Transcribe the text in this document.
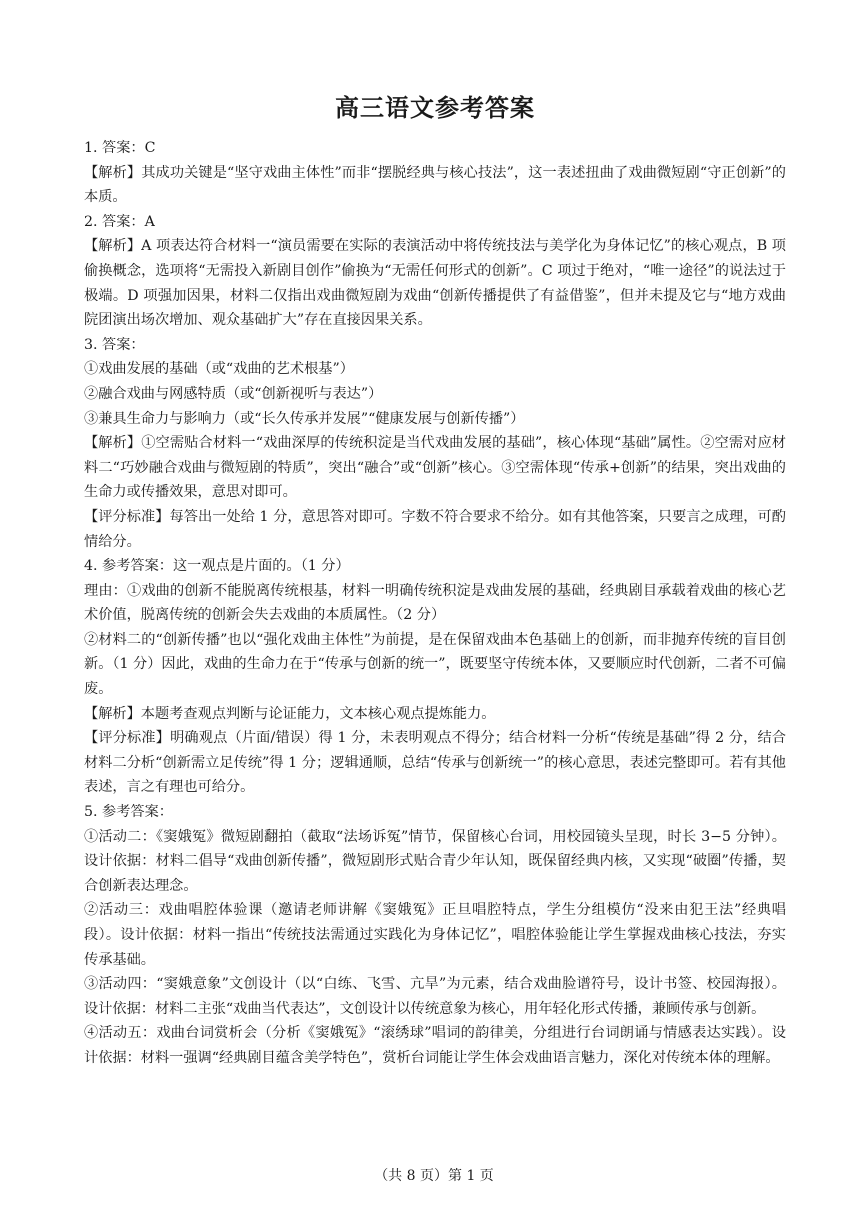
高三语文参考答案

1. 答案：C

【解析】其成功关键是“坚守戏曲主体性”而非“摆脱经典与核心技法”，这一表述扭曲了戏曲微短剧“守正创新”的本质。

2. 答案：A

【解析】A 项表达符合材料一“演员需要在实际的表演活动中将传统技法与美学化为身体记忆”的核心观点，B 项偷换概念，选项将“无需投入新剧目创作”偷换为“无需任何形式的创新”。C 项过于绝对，“唯一途径”的说法过于极端。D 项强加因果，材料二仅指出戏曲微短剧为戏曲“创新传播提供了有益借鉴”，但并未提及它与“地方戏曲院团演出场次增加、观众基础扩大”存在直接因果关系。

3. 答案：

①戏曲发展的基础（或“戏曲的艺术根基”）

②融合戏曲与网感特质（或“创新视听与表达”）

③兼具生命力与影响力（或“长久传承并发展”“健康发展与创新传播”）

【解析】①空需贴合材料一“戏曲深厚的传统积淀是当代戏曲发展的基础”，核心体现“基础”属性。②空需对应材料二“巧妙融合戏曲与微短剧的特质”，突出“融合”或“创新”核心。③空需体现“传承+创新”的结果，突出戏曲的生命力或传播效果，意思对即可。

【评分标准】每答出一处给 1 分，意思答对即可。字数不符合要求不给分。如有其他答案，只要言之成理，可酌情给分。

4. 参考答案：这一观点是片面的。（1 分）

理由：①戏曲的创新不能脱离传统根基，材料一明确传统积淀是戏曲发展的基础，经典剧目承载着戏曲的核心艺术价值，脱离传统的创新会失去戏曲的本质属性。（2 分）

②材料二的“创新传播”也以“强化戏曲主体性”为前提，是在保留戏曲本色基础上的创新，而非抛弃传统的盲目创新。（1 分）因此，戏曲的生命力在于“传承与创新的统一”，既要坚守传统本体，又要顺应时代创新，二者不可偏废。

【解析】本题考查观点判断与论证能力，文本核心观点提炼能力。

【评分标准】明确观点（片面/错误）得 1 分，未表明观点不得分；结合材料一分析“传统是基础”得 2 分，结合材料二分析“创新需立足传统”得 1 分；逻辑通顺，总结“传承与创新统一”的核心意思，表述完整即可。若有其他表述，言之有理也可给分。

5. 参考答案：

①活动二：《窦娥冤》微短剧翻拍（截取“法场诉冤”情节，保留核心台词，用校园镜头呈现，时长 3−5 分钟）。设计依据：材料二倡导“戏曲创新传播”，微短剧形式贴合青少年认知，既保留经典内核，又实现“破圈”传播，契合创新表达理念。

②活动三：戏曲唱腔体验课（邀请老师讲解《窦娥冤》正旦唱腔特点，学生分组模仿“没来由犯王法”经典唱段）。设计依据：材料一指出“传统技法需通过实践化为身体记忆”，唱腔体验能让学生掌握戏曲核心技法，夯实传承基础。

③活动四：“窦娥意象”文创设计（以“白练、飞雪、亢旱”为元素，结合戏曲脸谱符号，设计书签、校园海报）。设计依据：材料二主张“戏曲当代表达”，文创设计以传统意象为核心，用年轻化形式传播，兼顾传承与创新。

④活动五：戏曲台词赏析会（分析《窦娥冤》“滚绣球”唱词的韵律美，分组进行台词朗诵与情感表达实践）。设计依据：材料一强调“经典剧目蕴含美学特色”，赏析台词能让学生体会戏曲语言魅力，深化对传统本体的理解。

（共 8 页）第 1 页
